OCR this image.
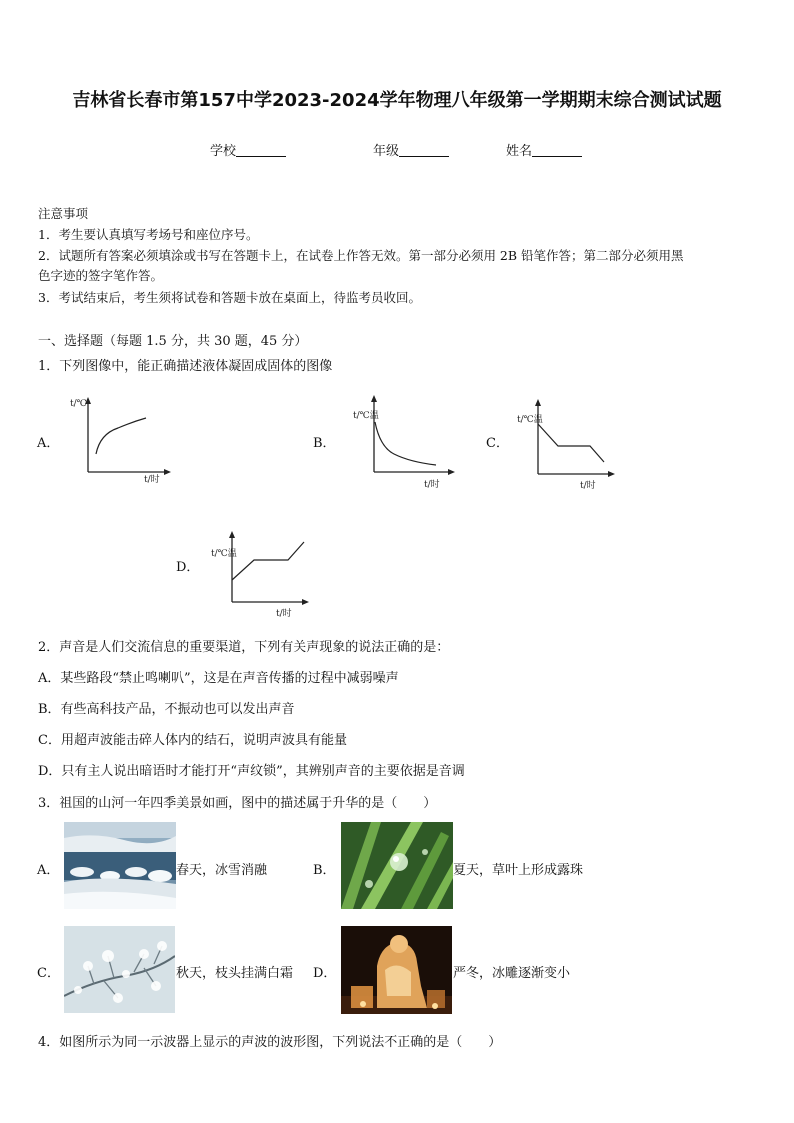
吉林省长春市第157中学2023-2024学年物理八年级第一学期期末综合测试试题
学校	年级	姓名
注意事项
1．考生要认真填写考场号和座位序号。
2．试题所有答案必须填涂或书写在答题卡上，在试卷上作答无效。第一部分必须用 2B 铅笔作答；第二部分必须用黑
色字迹的签字笔作答。
3．考试结束后，考生须将试卷和答题卡放在桌面上，待监考员收回。
一、选择题（每题 1.5 分，共 30 题，45 分）
1．下列图像中，能正确描述液体凝固成固体的图像
A．
t/℃
t/时
B．
t/℃温
t/时
C．
t/℃温
t/时
D．
t/℃温
t/时
2．声音是人们交流信息的重要渠道，下列有关声现象的说法正确的是：
A．某些路段“禁止鸣喇叭”，这是在声音传播的过程中减弱噪声
B．有些高科技产品，不振动也可以发出声音
C．用超声波能击碎人体内的结石，说明声波具有能量
D．只有主人说出暗语时才能打开“声纹锁”，其辨别声音的主要依据是音调
3．祖国的山河一年四季美景如画，图中的描述属于升华的是（　　）
A．	春天，冰雪消融	B．	夏天，草叶上形成露珠
C．	秋天，枝头挂满白霜 D．	严冬，冰雕逐渐变小
4．如图所示为同一示波器上显示的声波的波形图，下列说法不正确的是（　　）
